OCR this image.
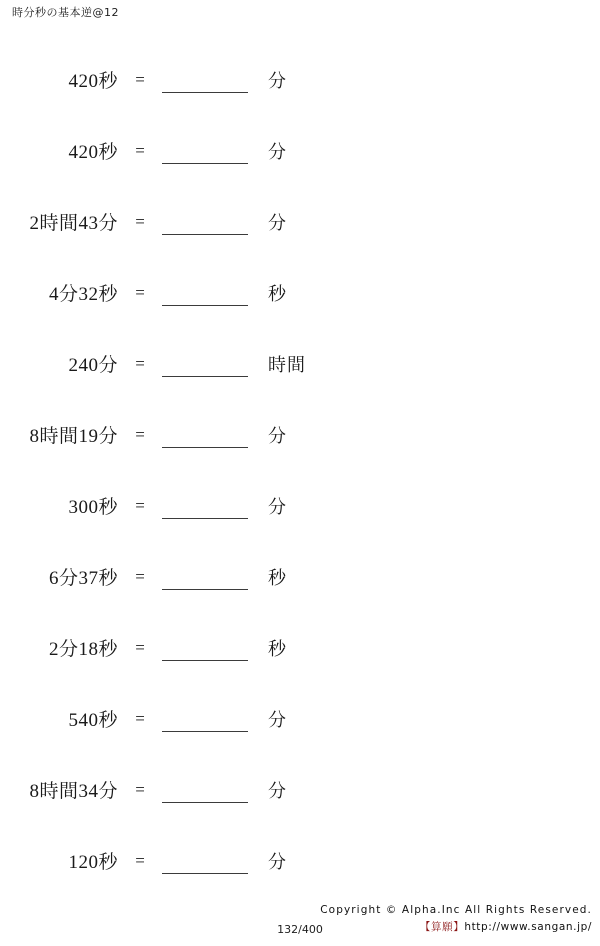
時分秒の基本逆@12
420秒	=	分
420秒	=	分
2時間43分	=	分
4分32秒	=	秒
240分	=	時間
8時間19分	=	分
300秒	=	分
6分37秒	=	秒
2分18秒	=	秒
540秒	=	分
8時間34分	=	分
120秒	=	分
Copyright © Alpha.Inc All Rights Reserved.
【算願】http://www.sangan.jp/
132/400
